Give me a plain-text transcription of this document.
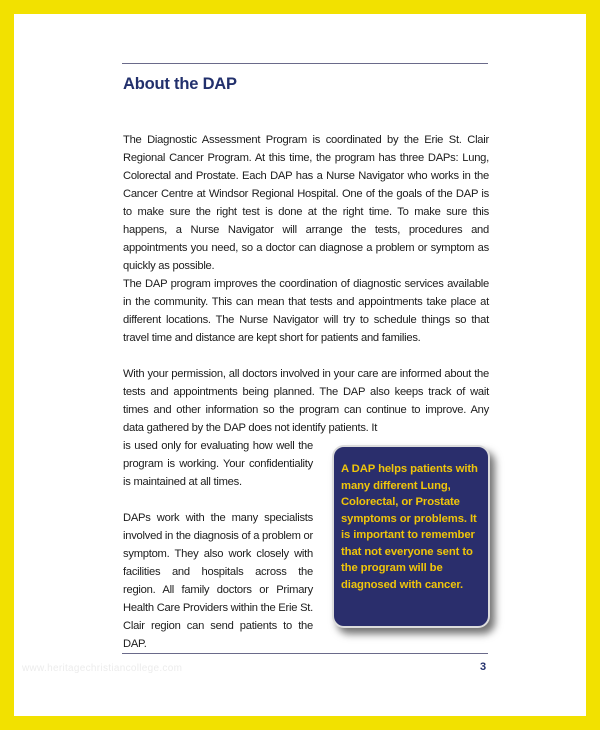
About the DAP

The Diagnostic Assessment Program is coordinated by the Erie St. Clair Regional Cancer Program. At this time, the program has three DAPs: Lung, Colorectal and Prostate. Each DAP has a Nurse Navigator who works in the Cancer Centre at Windsor Regional Hospital. One of the goals of the DAP is to make sure the right test is done at the right time. To make sure this happens, a Nurse Navigator will arrange the tests, procedures and appointments you need, so a doctor can diagnose a problem or symptom as quickly as possible.

The DAP program improves the coordination of diagnostic services available in the community. This can mean that tests and appointments take place at different locations. The Nurse Navigator will try to schedule things so that travel time and distance are kept short for patients and families.

With your permission, all doctors involved in your care are informed about the tests and appointments being planned. The DAP also keeps track of wait times and other information so the program can continue to improve. Any data gathered by the DAP does not identify patients. It

is used only for evaluating how well the program is working. Your confidentiality is maintained at all times.

DAPs work with the many specialists involved in the diagnosis of a problem or symptom. They also work closely with facilities and hospitals across the region. All family doctors or Primary Health Care Providers within the Erie St. Clair region can send patients to the DAP.

A DAP helps patients with many different Lung, Colorectal, or Prostate symptoms or problems. It is important to remember that not everyone sent to the program will be diagnosed with cancer.

3
www.heritagechristiancollege.com
